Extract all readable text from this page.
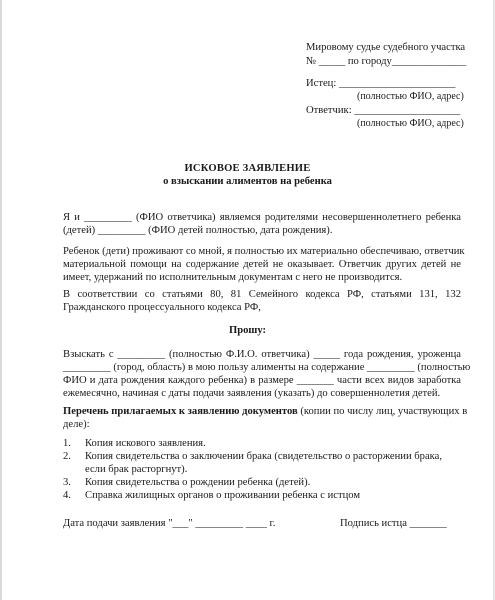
Мировому судье судебного участка
№ _____ по городу______________
Истец: ______________________
(полностью ФИО, адрес)
Ответчик: ____________________
(полностью ФИО, адрес)
ИСКОВОЕ ЗАЯВЛЕНИЕ
о взыскании алиментов на ребенка
Я и _________ (ФИО ответчика) являемся родителями несовершеннолетнего ребенка
(детей) _________ (ФИО детей полностью, дата рождения).
Ребенок (дети) проживают со мной, я полностью их материально обеспечиваю, ответчик
материальной помощи на содержание детей не оказывает. Ответчик других детей не
имеет, удержаний по исполнительным документам с него не производится.
В соответствии со статьями 80, 81 Семейного кодекса РФ, статьями 131, 132
Гражданского процессуального кодекса РФ,
Прошу:
Взыскать с _________ (полностью Ф.И.О. ответчика) _____ года рождения, уроженца
_________ (город, область) в мою пользу алименты на содержание _________ (полностью
ФИО и дата рождения каждого ребенка) в размере _______ части всех видов заработка
ежемесячно, начиная с даты подачи заявления (указать) до совершеннолетия детей.
Перечень прилагаемых к заявлению документов (копии по числу лиц, участвующих в
деле):
1. Копия искового заявления.
2. Копия свидетельства о заключении брака (свидетельство о расторжении брака,
если брак расторгнут).
3. Копия свидетельства о рождении ребенка (детей).
4. Справка жилищных органов о проживании ребенка с истцом
Дата подачи заявления "___" _________ ____ г.	Подпись истца _______
